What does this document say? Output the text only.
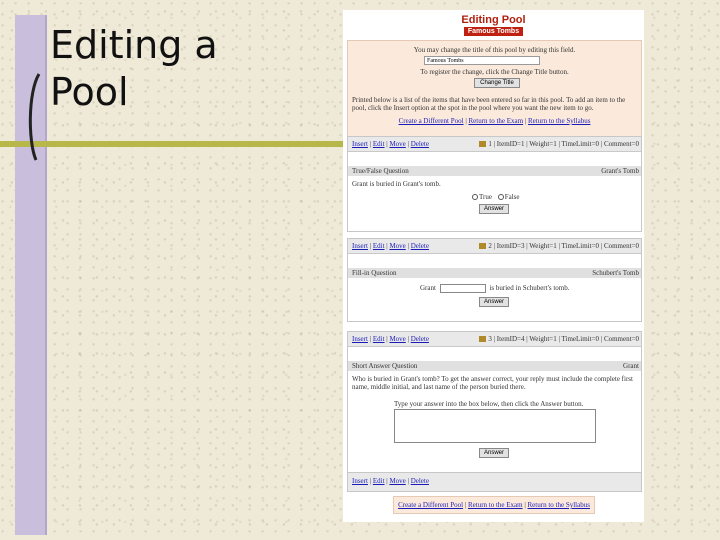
Editing a
Pool
Editing Pool
Famous Tombs
You may change the title of this pool by editing this field.
Famous Tombs
To register the change, click the Change Title button.
Change Title
Printed below is a list of the items that have been entered so far in this pool. To add an item to the pool, click the Insert option at the spot in the pool where you want the new item to go.
Create a Different Pool | Return to the Exam | Return to the Syllabus
Insert | Edit | Move | Delete	1 | ItemID=1 | Weight=1 | TimeLimit=0 | Comment=0
True/False Question	Grant's Tomb
Grant is buried in Grant's tomb.
True False
Answer
Insert | Edit | Move | Delete	2 | ItemID=3 | Weight=1 | TimeLimit=0 | Comment=0
Fill-in Question	Schubert's Tomb
Grant	is buried in Schubert's tomb.
Answer
Insert | Edit | Move | Delete	3 | ItemID=4 | Weight=1 | TimeLimit=0 | Comment=0
Short Answer Question	Grant
Who is buried in Grant's tomb? To get the answer correct, your reply must include the complete first name, middle initial, and last name of the person buried there.
Type your answer into the box below, then click the Answer button.
Answer
Insert | Edit | Move | Delete
Create a Different Pool | Return to the Exam | Return to the Syllabus
